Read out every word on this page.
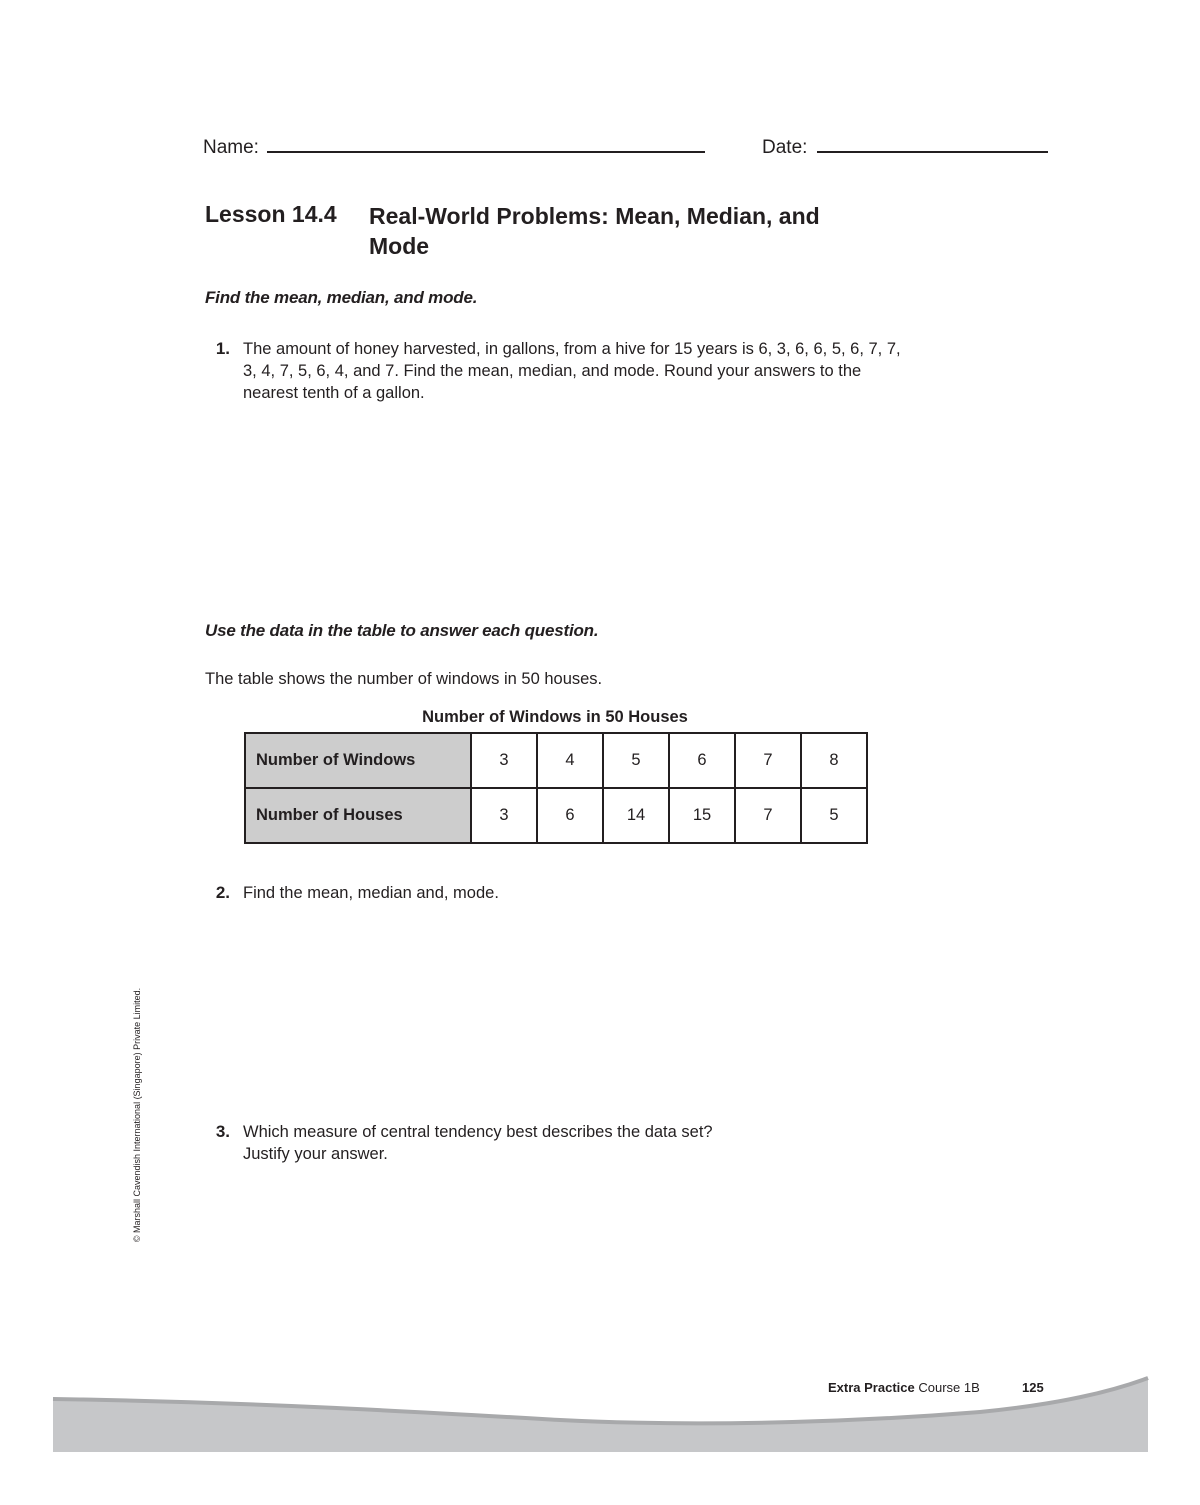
Name:	Date:
Lesson 14.4 Real-World Problems: Mean, Median, and Mode
Find the mean, median, and mode.
1. The amount of honey harvested, in gallons, from a hive for 15 years is 6, 3, 6, 6, 5, 6, 7, 7, 3, 4, 7, 5, 6, 4, and 7. Find the mean, median, and mode. Round your answers to the nearest tenth of a gallon.
Use the data in the table to answer each question.
The table shows the number of windows in 50 houses.
Number of Windows in 50 Houses
Number of Windows	3	4	5	6	7	8
Number of Houses	3	6	14	15	7	5
2. Find the mean, median and, mode.
3. Which measure of central tendency best describes the data set?
Justify your answer.
© Marshall Cavendish International (Singapore) Private Limited.
Extra Practice Course 1B	125
